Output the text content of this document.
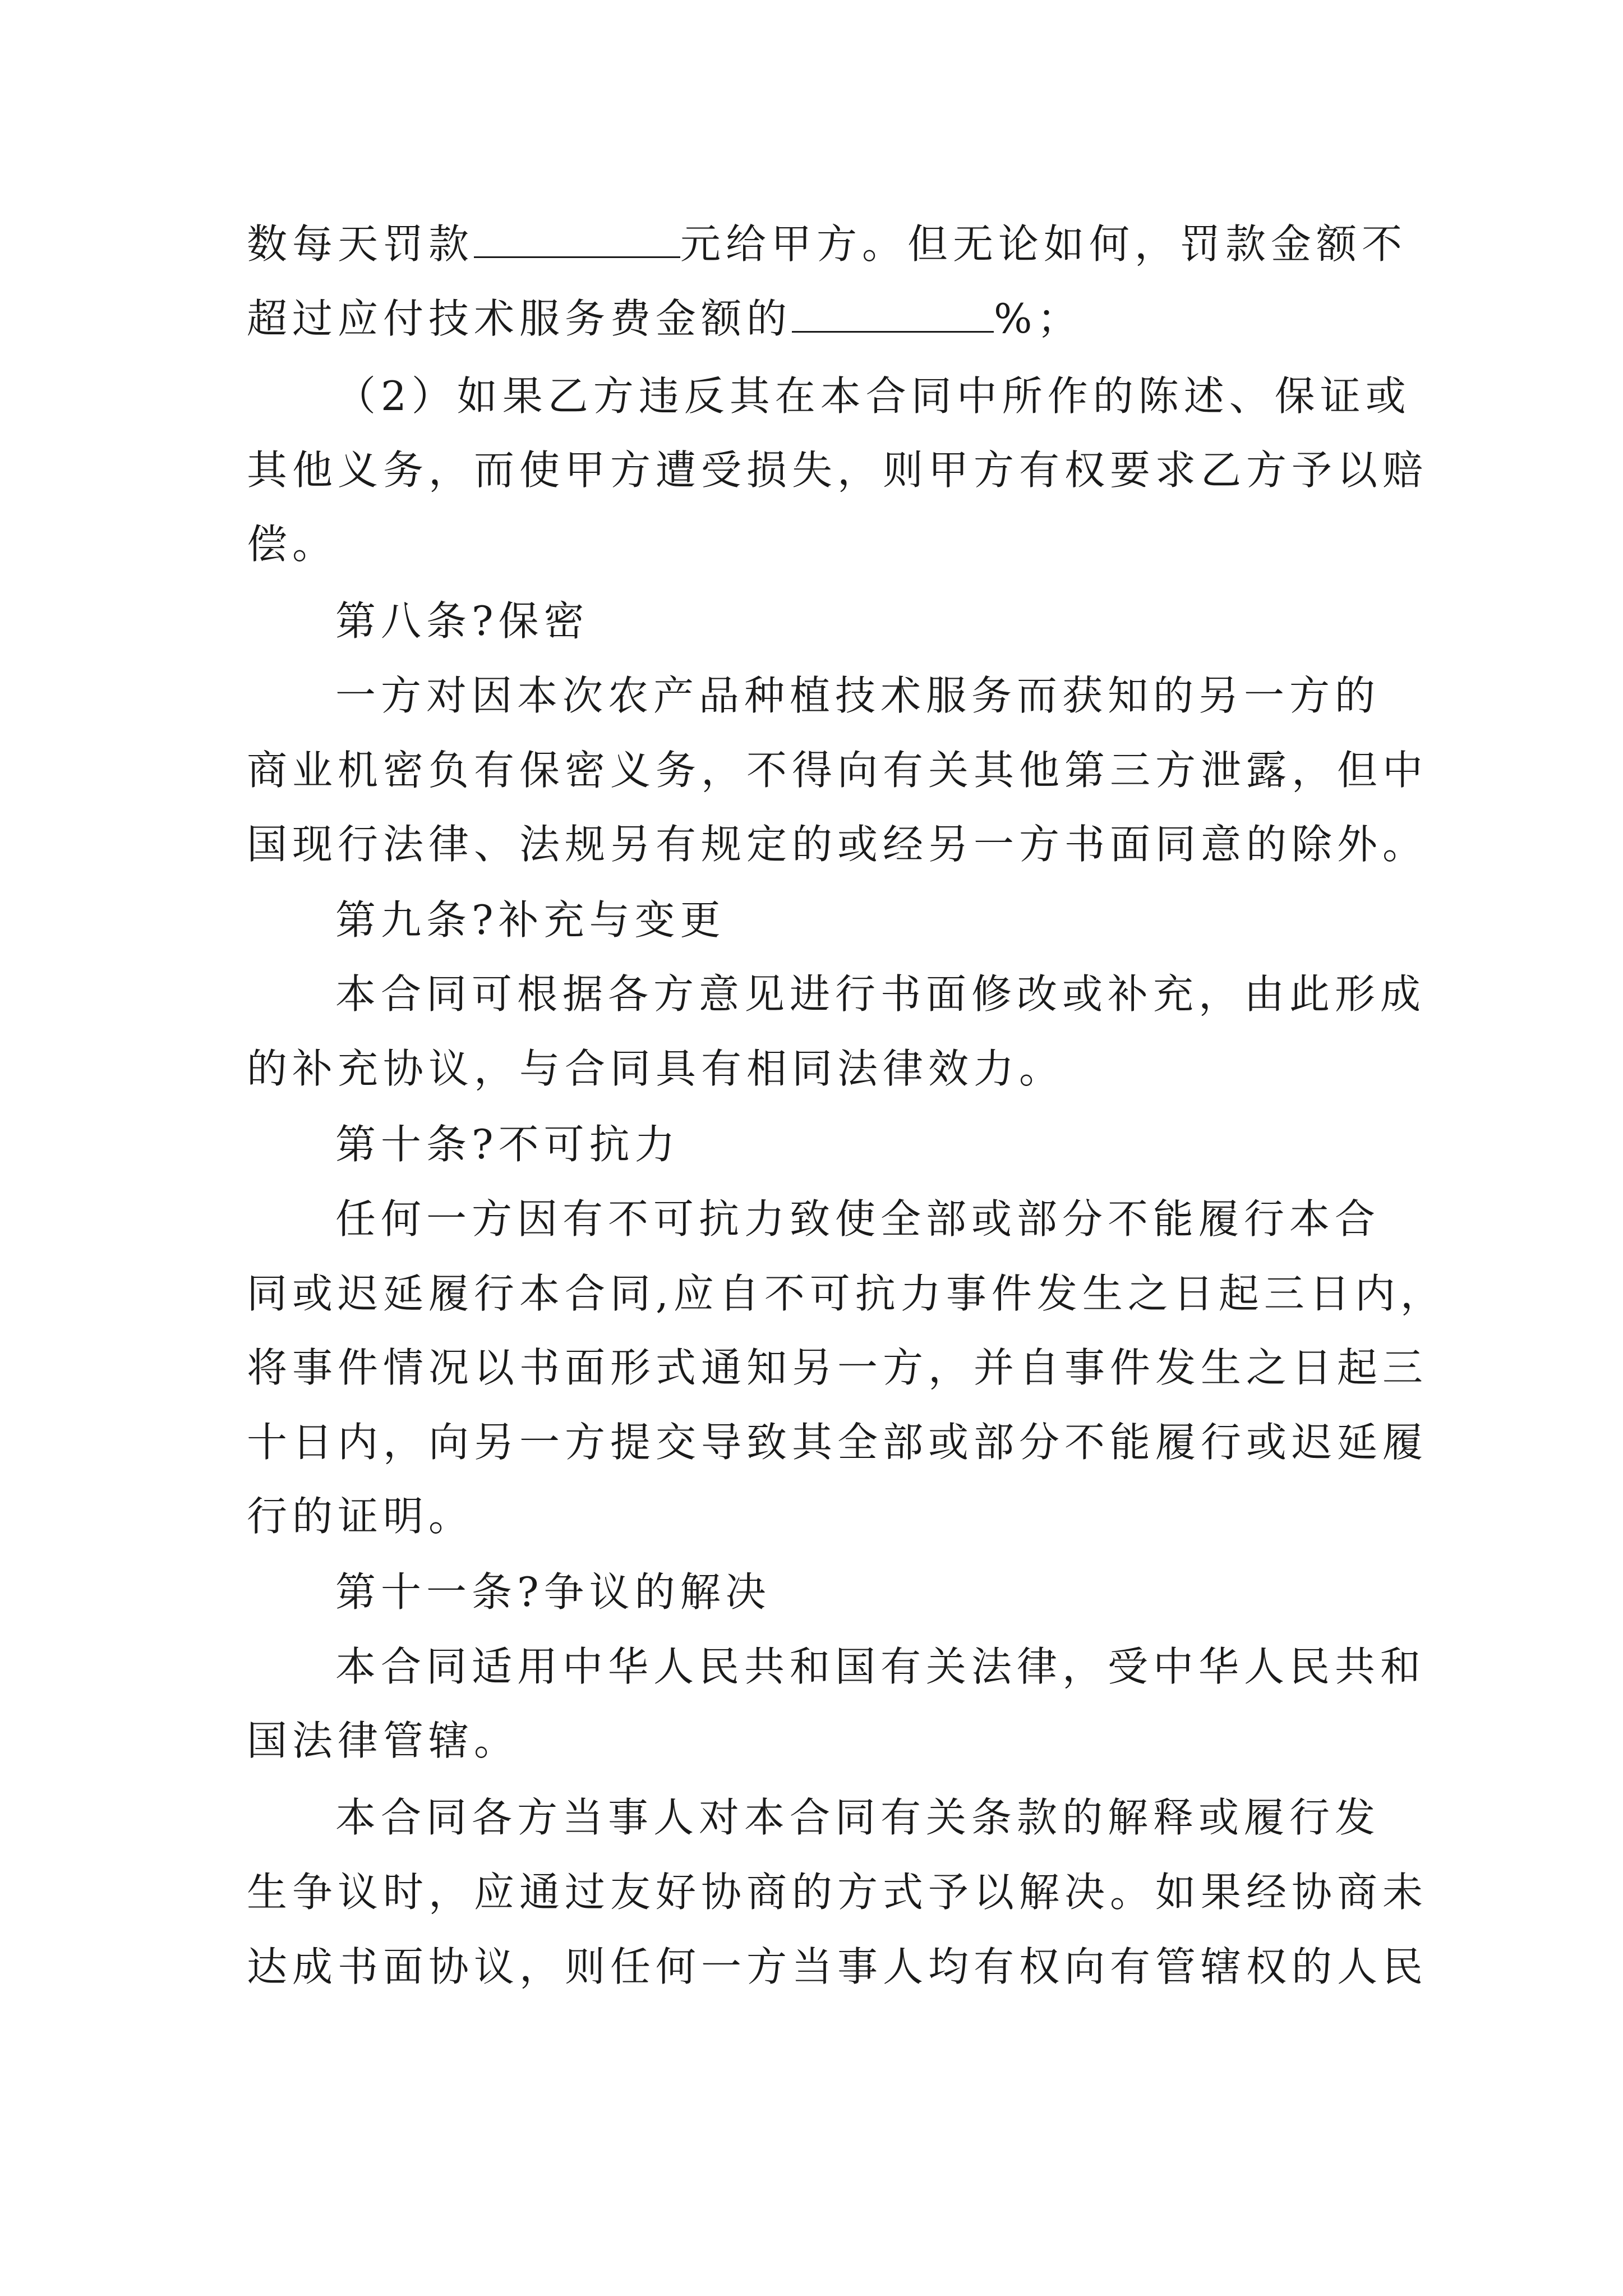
数每天罚款	元给甲方。但无论如何，罚款金额不
超过应付技术服务费金额的	%；
（2）如果乙方违反其在本合同中所作的陈述、保证或
其他义务，而使甲方遭受损失，则甲方有权要求乙方予以赔
偿。
第八条?保密
一方对因本次农产品种植技术服务而获知的另一方的
商业机密负有保密义务，不得向有关其他第三方泄露，但中
国现行法律、法规另有规定的或经另一方书面同意的除外。
第九条?补充与变更
本合同可根据各方意见进行书面修改或补充，由此形成
的补充协议，与合同具有相同法律效力。
第十条?不可抗力
任何一方因有不可抗力致使全部或部分不能履行本合
同或迟延履行本合同,应自不可抗力事件发生之日起三日内，
将事件情况以书面形式通知另一方，并自事件发生之日起三
十日内，向另一方提交导致其全部或部分不能履行或迟延履
行的证明。
第十一条?争议的解决
本合同适用中华人民共和国有关法律，受中华人民共和
国法律管辖。
本合同各方当事人对本合同有关条款的解释或履行发
生争议时，应通过友好协商的方式予以解决。如果经协商未
达成书面协议，则任何一方当事人均有权向有管辖权的人民
